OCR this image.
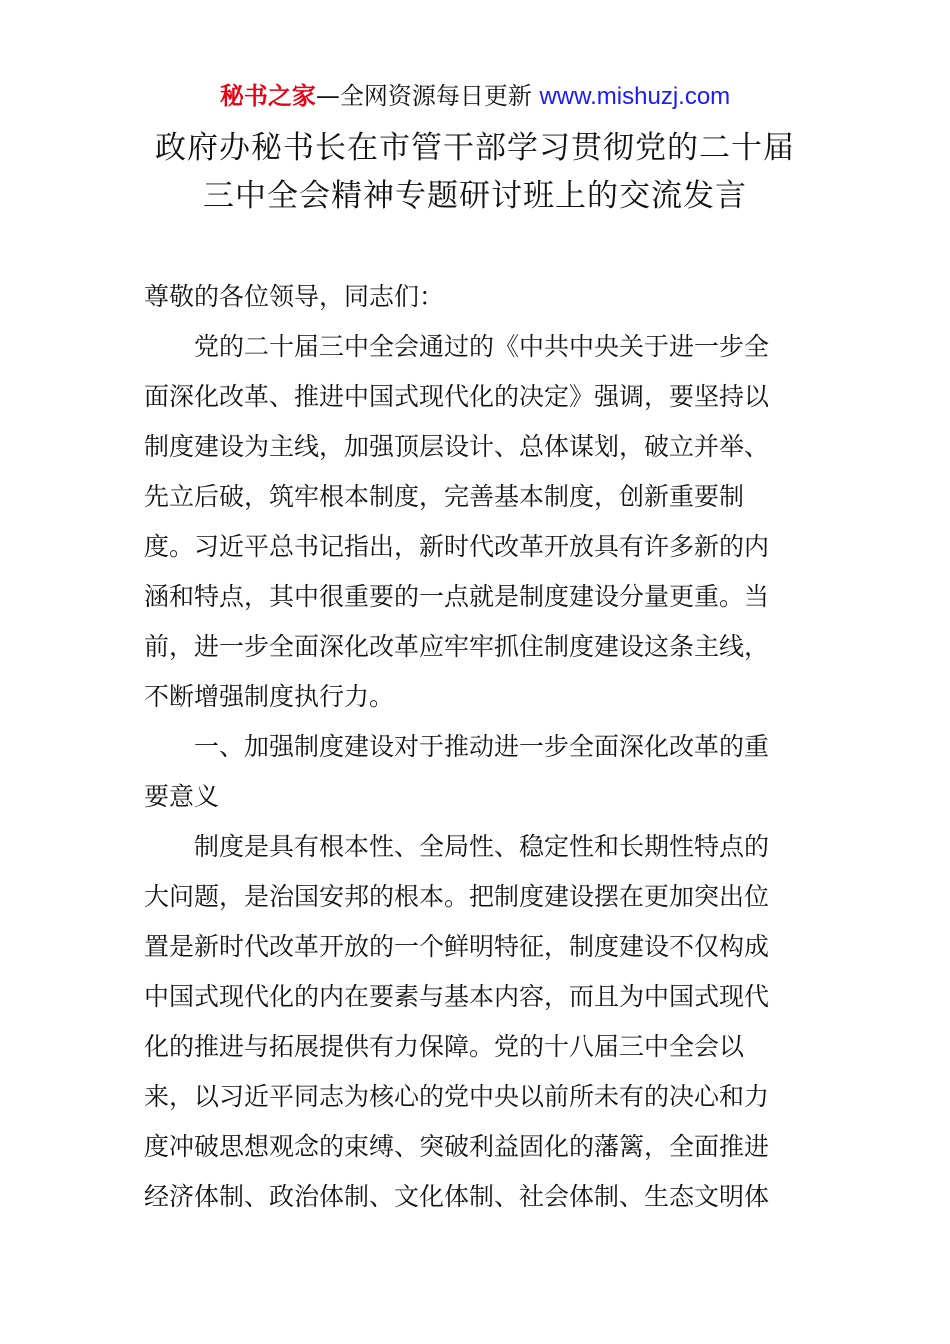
秘书之家—全网资源每日更新 www.mishuzj.com
政府办秘书长在市管干部学习贯彻党的二十届
三中全会精神专题研讨班上的交流发言
尊敬的各位领导，同志们：
党的二十届三中全会通过的《中共中央关于进一步全
面深化改革、推进中国式现代化的决定》强调，要坚持以
制度建设为主线，加强顶层设计、总体谋划，破立并举、
先立后破，筑牢根本制度，完善基本制度，创新重要制
度。习近平总书记指出，新时代改革开放具有许多新的内
涵和特点，其中很重要的一点就是制度建设分量更重。当
前，进一步全面深化改革应牢牢抓住制度建设这条主线，
不断增强制度执行力。
一、加强制度建设对于推动进一步全面深化改革的重
要意义
制度是具有根本性、全局性、稳定性和长期性特点的
大问题，是治国安邦的根本。把制度建设摆在更加突出位
置是新时代改革开放的一个鲜明特征，制度建设不仅构成
中国式现代化的内在要素与基本内容，而且为中国式现代
化的推进与拓展提供有力保障。党的十八届三中全会以
来，以习近平同志为核心的党中央以前所未有的决心和力
度冲破思想观念的束缚、突破利益固化的藩篱，全面推进
经济体制、政治体制、文化体制、社会体制、生态文明体
